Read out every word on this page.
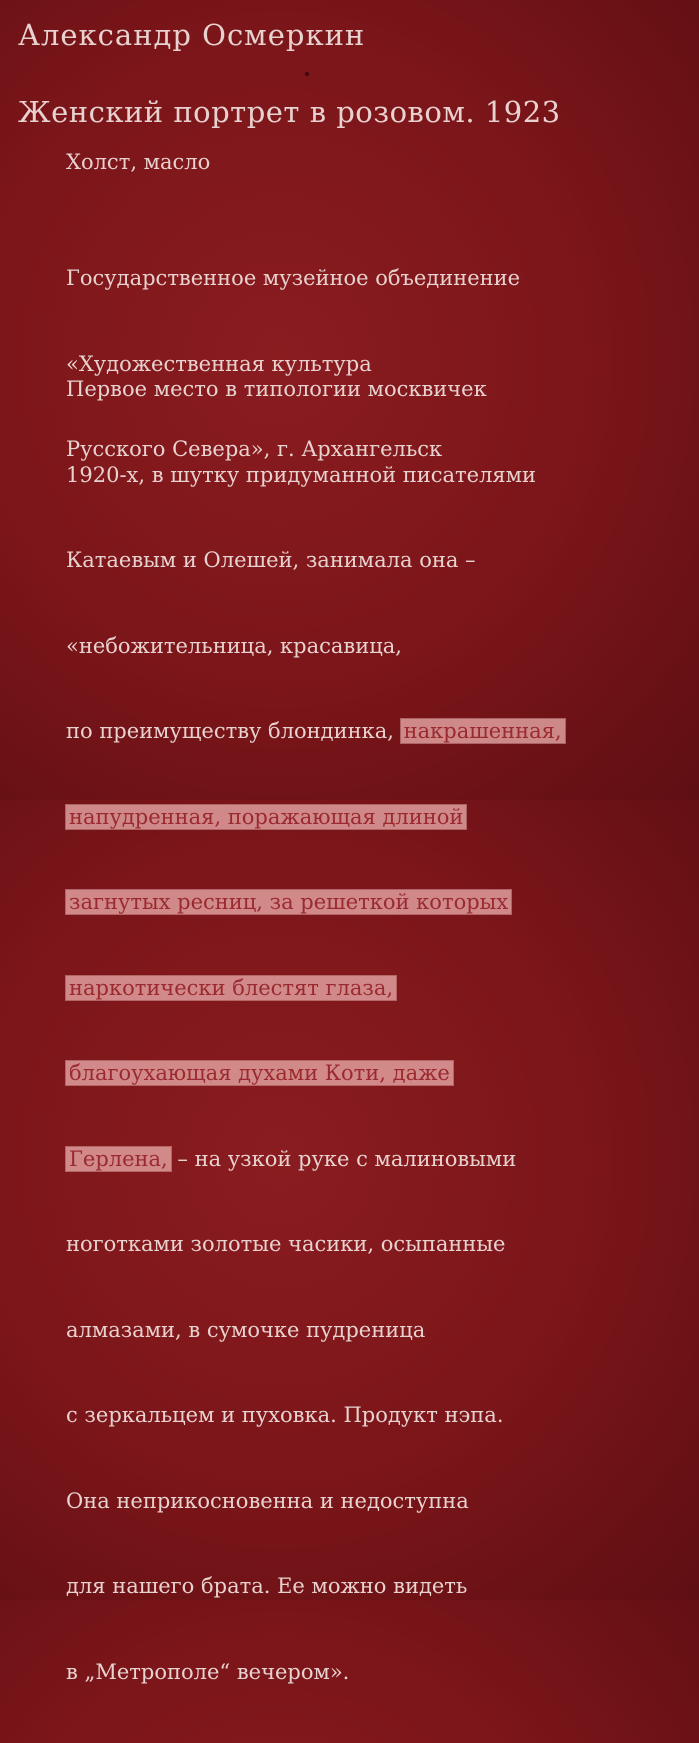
Александр Осмеркин
Женский портрет в розовом. 1923
Холст, масло

Государственное музейное объединение

«Художественная культура

Русского Севера», г. Архангельск

Первое место в типологии москвичек

1920-х, в шутку придуманной писателями

Катаевым и Олешей, занимала она –

«небожительница, красавица,

по преимуществу блондинка, накрашенная,

напудренная, поражающая длиной

загнутых ресниц, за решеткой которых

наркотически блестят глаза,

благоухающая духами Коти, даже

Герлена, – на узкой руке с малиновыми

ноготками золотые часики, осыпанные

алмазами, в сумочке пудреница

с зеркальцем и пуховка. Продукт нэпа.

Она неприкосновенна и недоступна

для нашего брата. Ее можно видеть

в „Метрополе“ вечером».
